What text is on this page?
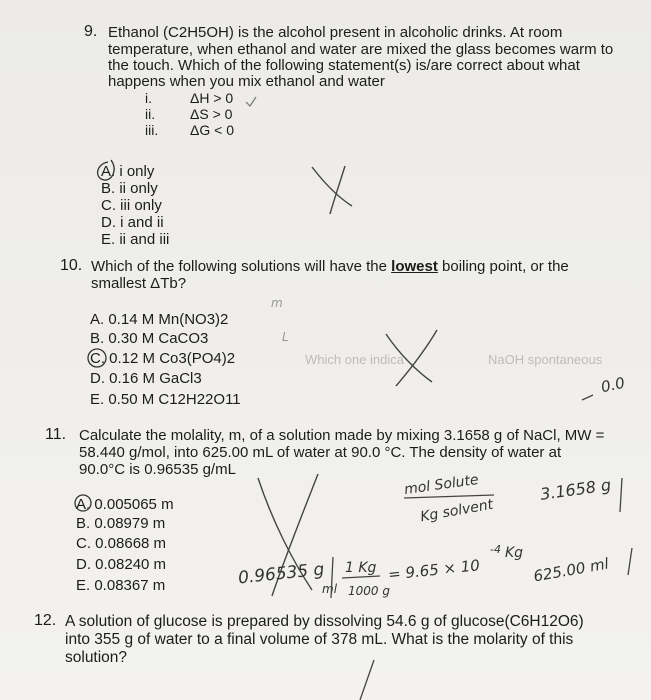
9. Ethanol (C2H5OH) is the alcohol present in alcoholic drinks. At room
temperature, when ethanol and water are mixed the glass becomes warm to
the touch. Which of the following statement(s) is/are correct about what
happens when you mix ethanol and water
i.	ΔH > 0
ii. ΔS > 0
iii. ΔG < 0
A. i only
B. ii only
C. iii only
D. i and ii
E. ii and iii
10. Which of the following solutions will have the lowest boiling point, or the
smallest ΔTb?
A. 0.14 M Mn(NO3)2
B. 0.30 M CaCO3
C. 0.12 M Co3(PO4)2
D. 0.16 M GaCl3
E. 0.50 M C12H22O11
Which one indica	NaOH spontaneous
11. Calculate the molality, m, of a solution made by mixing 3.1658 g of NaCl, MW =
58.440 g/mol, into 625.00 mL of water at 90.0 °C. The density of water at
90.0°C is 0.96535 g/mL
A. 0.005065 m
B. 0.08979 m
C. 0.08668 m
D. 0.08240 m
E. 0.08367 m
12. A solution of glucose is prepared by dissolving 54.6 g of glucose(C6H12O6)
into 355 g of water to a final volume of 378 mL. What is the molarity of this
solution?
mol Solute
Kg solvent
3.1658 g
0.96535 g
ml
1 Kg
1000 g
= 9.65 × 10
-4 Kg
625.00 ml
m
L
0.0
